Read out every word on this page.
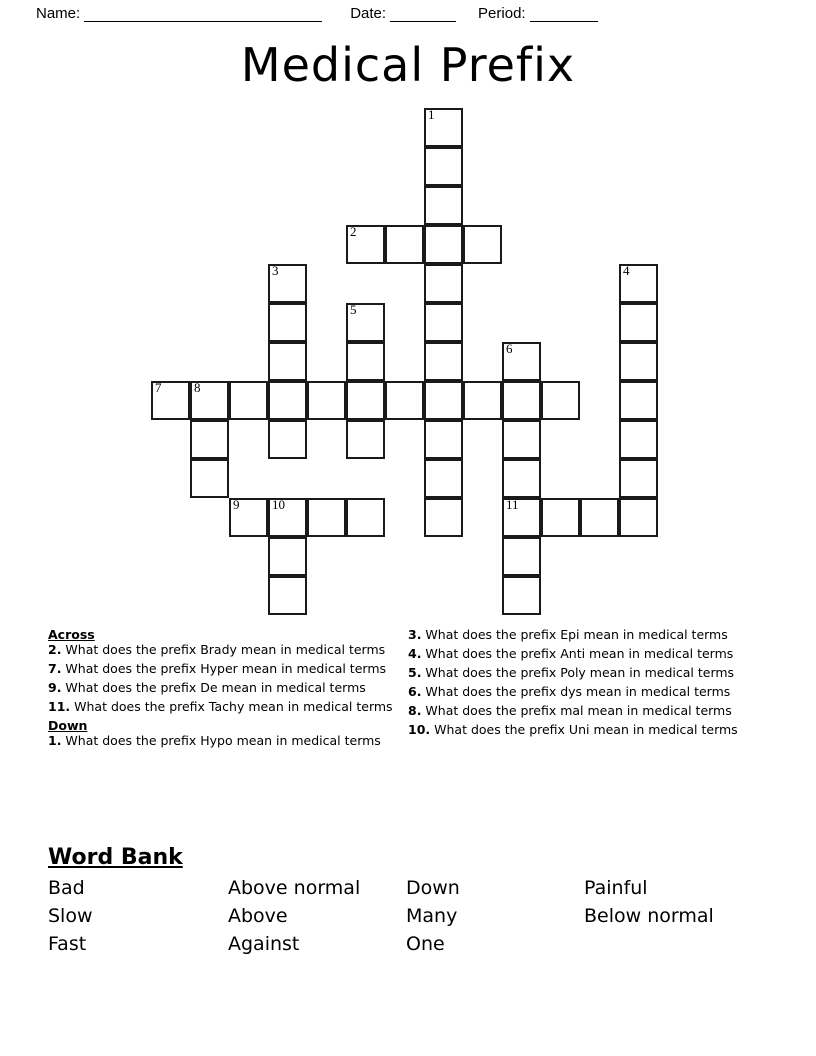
Name:	Date:	Period:
Medical Prefix
1
2
3	4
5
6
7	8
9	10	11
Across
2. What does the prefix Brady mean in medical terms
7. What does the prefix Hyper mean in medical terms
9. What does the prefix De mean in medical terms
11. What does the prefix Tachy mean in medical terms
Down
1. What does the prefix Hypo mean in medical terms
3. What does the prefix Epi mean in medical terms
4. What does the prefix Anti mean in medical terms
5. What does the prefix Poly mean in medical terms
6. What does the prefix dys mean in medical terms
8. What does the prefix mal mean in medical terms
10. What does the prefix Uni mean in medical terms
Word Bank
Bad	Above normal	Down	Painful
Slow	Above	Many	Below normal
Fast	Against	One
